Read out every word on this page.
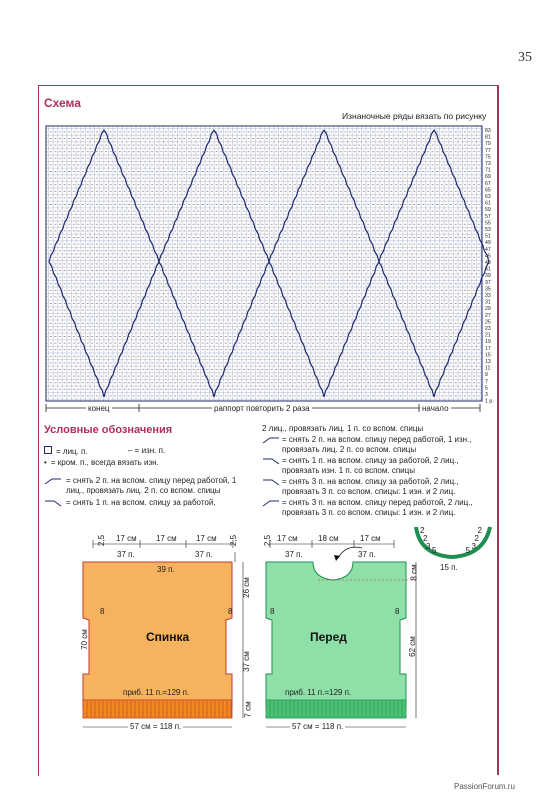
35
Схема
Изнаночные ряды вязать по рисунку
83
81
79
77
75
73
71
69
67
65
63
61
59
57
55
53
51
49
47
45
43
41
39
37
35
33
31
29
27
25
23
21
19
17
15
13
11
9
7
5
3
1 р.
конец	раппорт повторить 2 раза	начало
Условные обозначения
= лиц. п.	– = изн. п.
• = кром. п., всегда вязать изн.
= снять 2 п. на вспом. спицу перед работой, 1 лиц., провязать лиц. 2 п. со вспом. спицы
= снять 1 п. на вспом. спицу за работой,
2 лиц., провязать лиц. 1 п. со вспом. спицы
= снять 2 п. на вспом. спицу перед работой, 1 изн., провязать лиц. 2 п. со вспом. спицы
= снять 1 п. на вспом. спицу за работой, 2 лиц., провязать изн. 1 п. со вспом. спицы
= снять 3 п. на вспом. спицу за работой, 2 лиц., провязать 3 п. со вспом. спицы: 1 изн. и 2 лиц.
= снять 3 п. на вспом. спицу перед работой, 2 лиц., провязать 3 п. со вспом. спицы: 1 изн. и 2 лиц.
17 см 17 см 17 см
2,5	2,5
37 п.	37 п.
39 п.
8	8
Спинка
70 см
26 см
37 см
7 см
приб. 11 п.=129 п.
57 см = 118 п.
17 см	18 см	17 см
2,5
37 п.	37 п.
8	8
Перед
8 см
62 см
приб. 11 п.=129 п.
57 см = 118 п.
2
2
3 5
2
2
3
5
15 п.
PassionForum.ru
